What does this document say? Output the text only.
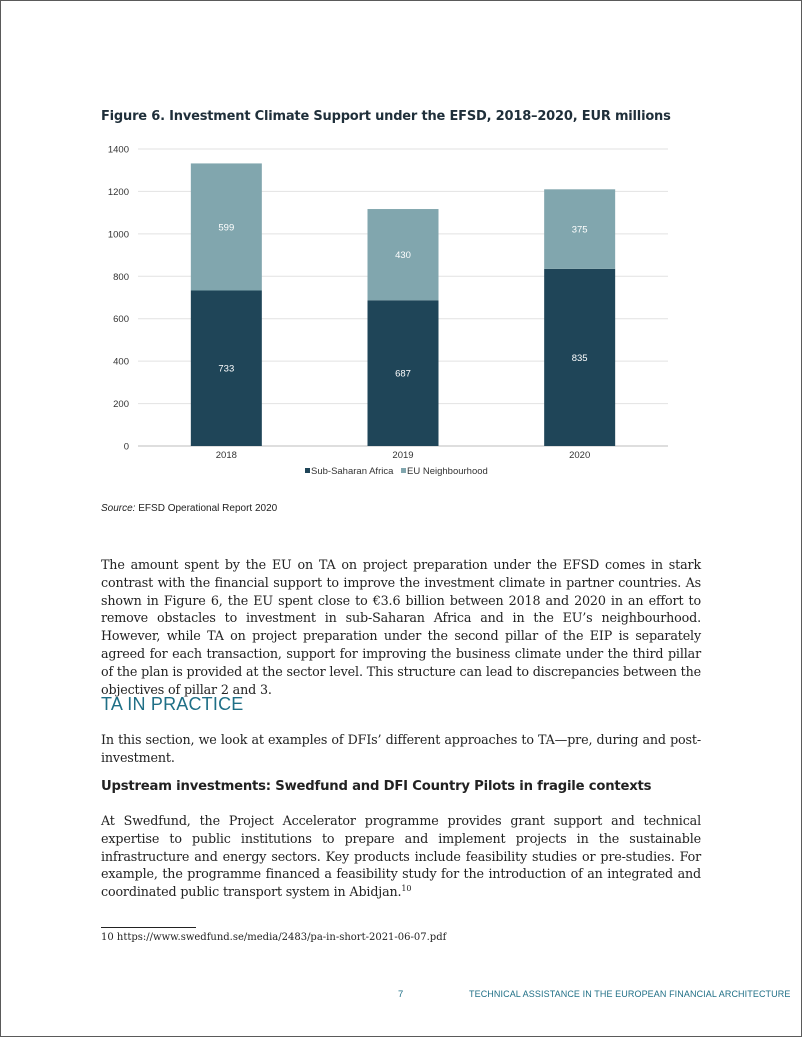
Figure 6. Investment Climate Support under the EFSD, 2018–2020, EUR millions
0
200
400
600
800
1000
1200
1400
733
599
2018
687
430
2019
835
375
2020
Sub-Saharan Africa EU Neighbourhood
Source: EFSD Operational Report 2020

The amount spent by the EU on TA on project preparation under the EFSD comes in stark contrast with the financial support to improve the investment climate in partner countries. As shown in Figure 6, the EU spent close to €3.6 billion between 2018 and 2020 in an effort to remove obstacles to investment in sub-Saharan Africa and in the EU’s neighbourhood. However, while TA on project preparation under the second pillar of the EIP is separately agreed for each transaction, support for improving the business climate under the third pillar of the plan is provided at the sector level. This structure can lead to discrepancies between the objectives of pillar 2 and 3.

TA IN PRACTICE

In this section, we look at examples of DFIs’ different approaches to TA—pre, during and post-investment.

Upstream investments: Swedfund and DFI Country Pilots in fragile contexts

At Swedfund, the Project Accelerator programme provides grant support and technical expertise to public institutions to prepare and implement projects in the sustainable infrastructure and energy sectors. Key products include feasibility studies or pre-studies. For example, the programme financed a feasibility study for the introduction of an integrated and coordinated public transport system in Abidjan.$^{10}$

10 https://www.swedfund.se/media/2483/pa-in-short-2021-06-07.pdf
7	TECHNICAL ASSISTANCE IN THE EUROPEAN FINANCIAL ARCHITECTURE
